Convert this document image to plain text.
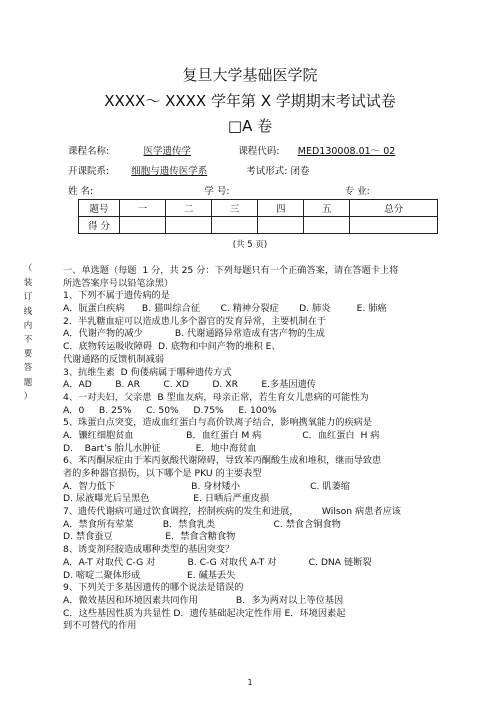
复旦大学基础医学院
XXXX～ XXXX 学年第 X 学期期末考试试卷
□A 卷
课程名称:	医学遗传学	课程代码: MED130008.01～ 02
开课院系: 细胞与遗传医学系	考试形式: 闭卷
姓 名:	学 号:	专 业:
题号	一	二	三	四	五	总分
得 分						
(共 5 页)
（ 装 订 线 内 不 要 答 题 ）
一、单选题（每题  1 分，共 25 分：下列每题只有一个正确答案，请在答题卡上将
所选答案序号以铅笔涂黑）
1、下列不属于遗传病的是
A．朊蛋白疾病      B. 猫叫综合征       C. 精神分裂症       D. 肺炎         E. 肺癌
2．半乳糖血症可以造成患儿多个器官的发育异常，主要机制在于
A．代谢产物的减少           B. 代谢通路异常造成有害产物的生成
C．底物转运吸收障碍  D. 底物和中间产物的堆积 E、
代谢通路的反馈机制减弱
3、抗维生素  D 佝偻病属于哪种遗传方式
A．AD        B. AR        C. XD        D. XR        E.多基因遗传
4、一对夫妇，父亲患  B 型血友病，母亲正常，若生育女儿患病的可能性为
A．0     B. 25%     C. 50%     D.75%     E. 100%
5、珠蛋白点突变，造成血红蛋白与高价铁离子结合，影响携氧能力的疾病是
A．镰红细胞贫血                  B．血红蛋白 M 病              C．血红蛋白  H 病
D.    Bart’s 胎儿水肿征            E．地中海贫血
6、苯丙酮尿症由于苯丙氨酸代谢障碍，导致苯丙酮酸生成和堆积，继而导致患
者的多种器官损伤，以下哪个是 PKU 的主要表型
A．智力低下                          B. 身材矮小                        C. 肌萎缩
D. 尿液曝光后呈黑色               E. 日晒后严重皮损
7、遗传代谢病可通过饮食调控，控制疾病的发生和进展，        Wilson 病患者应该
A．禁食所有荤菜          B．禁食乳类                    C. 禁食含铜食物
D. 禁食蚕豆                  E．禁食含糖食物
8、诱变剂羟胺造成哪种类型的基因突变？
A．A-T 对取代 C-G 对           B. C-G 对取代 A-T 对           C. DNA 链断裂
D. 嘧啶二聚体形成                E. 碱基丢失
9、下列关于多基因遗传的哪个说法是错误的
A．微效基因和环境因素共同作用             B．多为两对以上等位基因
C．这些基因性质为共显性 D．遗传基础起决定性作用 E．环境因素起
到不可替代的作用
1
